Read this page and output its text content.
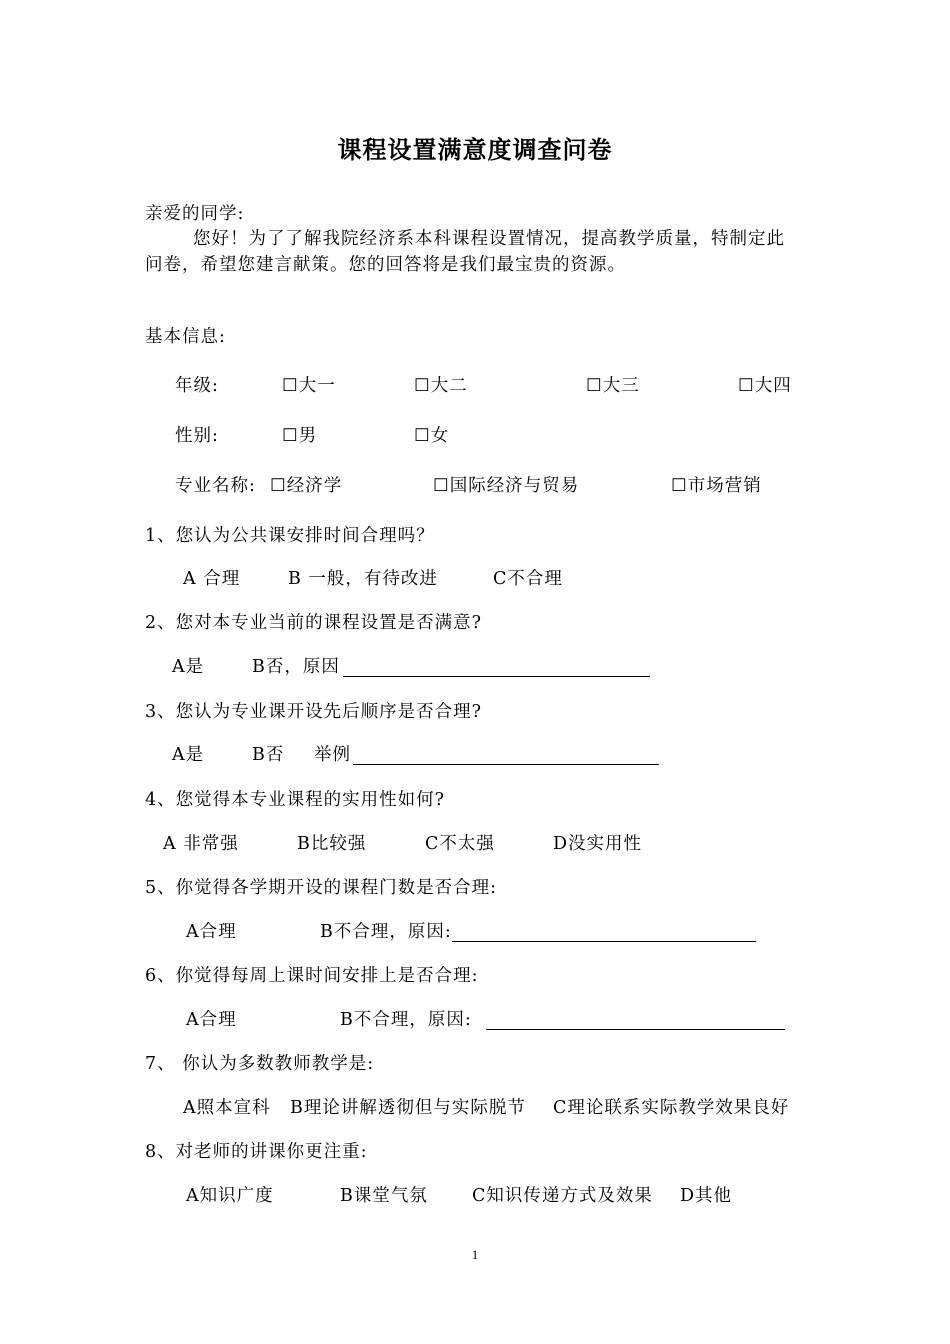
课程设置满意度调查问卷
亲爱的同学:
您好！为了了解我院经济系本科课程设置情况，提高教学质量，特制定此
问卷，希望您建言献策。您的回答将是我们最宝贵的资源。
基本信息:
年级:	☐大一	☐大二	☐大三	☐大四
性别:	☐男	☐女
专业名称: ☐经济学	☐国际经济与贸易	☐市场营销
1、您认为公共课安排时间合理吗？
A 合理	B 一般，有待改进	C不合理
2、您对本专业当前的课程设置是否满意?
A是	B否，原因
3、您认为专业课开设先后顺序是否合理?
A是	B否 举例
4、您觉得本专业课程的实用性如何?
A 非常强	B比较强	C不太强	D没实用性
5、你觉得各学期开设的课程门数是否合理:
A合理	B不合理，原因:
6、你觉得每周上课时间安排上是否合理:
A合理	B不合理，原因:
7、 你认为多数教师教学是:
A照本宣科 B理论讲解透彻但与实际脱节 C理论联系实际教学效果良好
8、对老师的讲课你更注重:
A知识广度	B课堂气氛	C知识传递方式及效果 D其他
1
